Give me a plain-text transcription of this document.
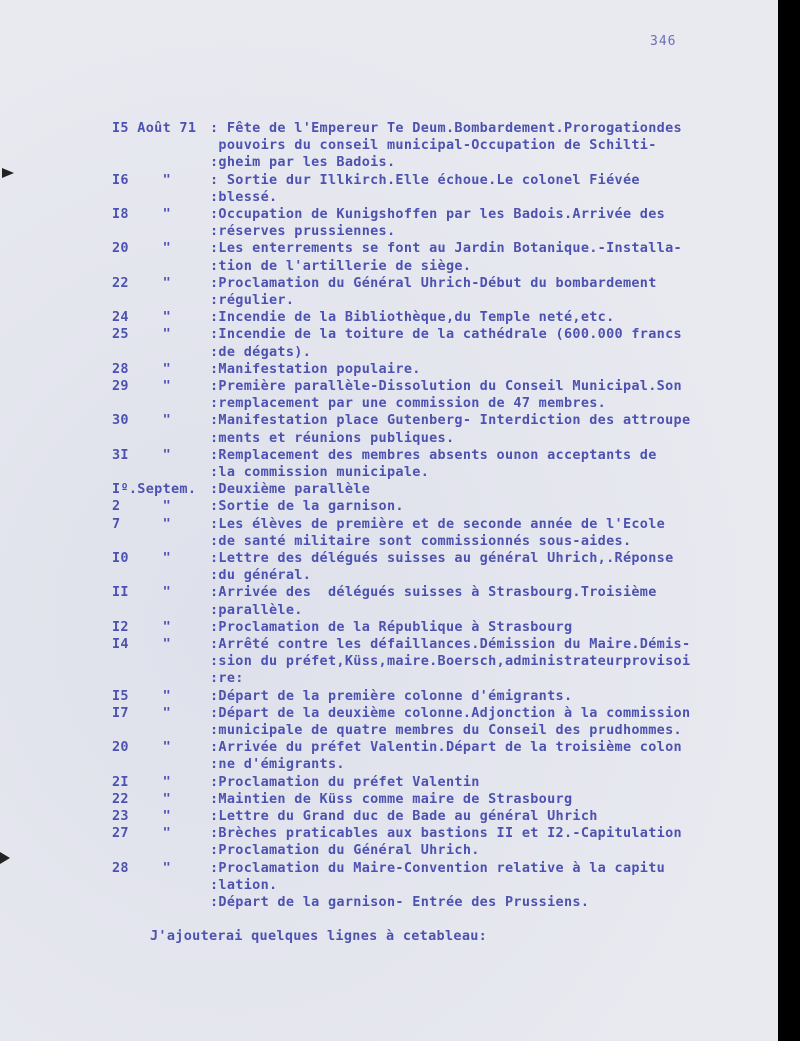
346
I5 Août 71 : Fête de l'Empereur Te Deum.Bombardement.Prorogationdes
pouvoirs du conseil municipal-Occupation de Schilti-
:gheim par les Badois.
I6    "	: Sortie dur Illkirch.Elle échoue.Le colonel Fiévée
:blessé.
I8    "	:Occupation de Kunigshoffen par les Badois.Arrivée des
:réserves prussiennes.
20    "	:Les enterrements se font au Jardin Botanique.-Installa-
:tion de l'artillerie de siège.
22    "	:Proclamation du Général Uhrich-Début du bombardement
:régulier.
24    "	:Incendie de la Bibliothèque,du Temple neté,etc.
25    "	:Incendie de la toiture de la cathédrale (600.000 francs
:de dégats).
28    "	:Manifestation populaire.
29    "	:Première parallèle-Dissolution du Conseil Municipal.Son
:remplacement par une commission de 47 membres.
30    "	:Manifestation place Gutenberg- Interdiction des attroupe
:ments et réunions publiques.
3I    "	:Remplacement des membres absents ounon acceptants de
:la commission municipale.
Iº.Septem. :Deuxième parallèle
2     "	:Sortie de la garnison.
7     "	:Les élèves de première et de seconde année de l'Ecole
:de santé militaire sont commissionnés sous-aides.
I0    "	:Lettre des délégués suisses au général Uhrich,.Réponse
:du général.
II    "	:Arrivée des  délégués suisses à Strasbourg.Troisième
:parallèle.
I2    "	:Proclamation de la République à Strasbourg
I4    "	:Arrêté contre les défaillances.Démission du Maire.Démis-
:sion du préfet,Küss,maire.Boersch,administrateurprovisoi
:re:
I5    "	:Départ de la première colonne d'émigrants.
I7    "	:Départ de la deuxième colonne.Adjonction à la commission
:municipale de quatre membres du Conseil des prudhommes.
20    "	:Arrivée du préfet Valentin.Départ de la troisième colon
:ne d'émigrants.
2I    "	:Proclamation du préfet Valentin
22    "	:Maintien de Küss comme maire de Strasbourg
23    "	:Lettre du Grand duc de Bade au général Uhrich
27    "	:Brèches praticables aux bastions II et I2.-Capitulation
:Proclamation du Général Uhrich.
28    "	:Proclamation du Maire-Convention relative à la capitu
:lation.
:Départ de la garnison- Entrée des Prussiens.
J'ajouterai quelques lignes à cetableau:
